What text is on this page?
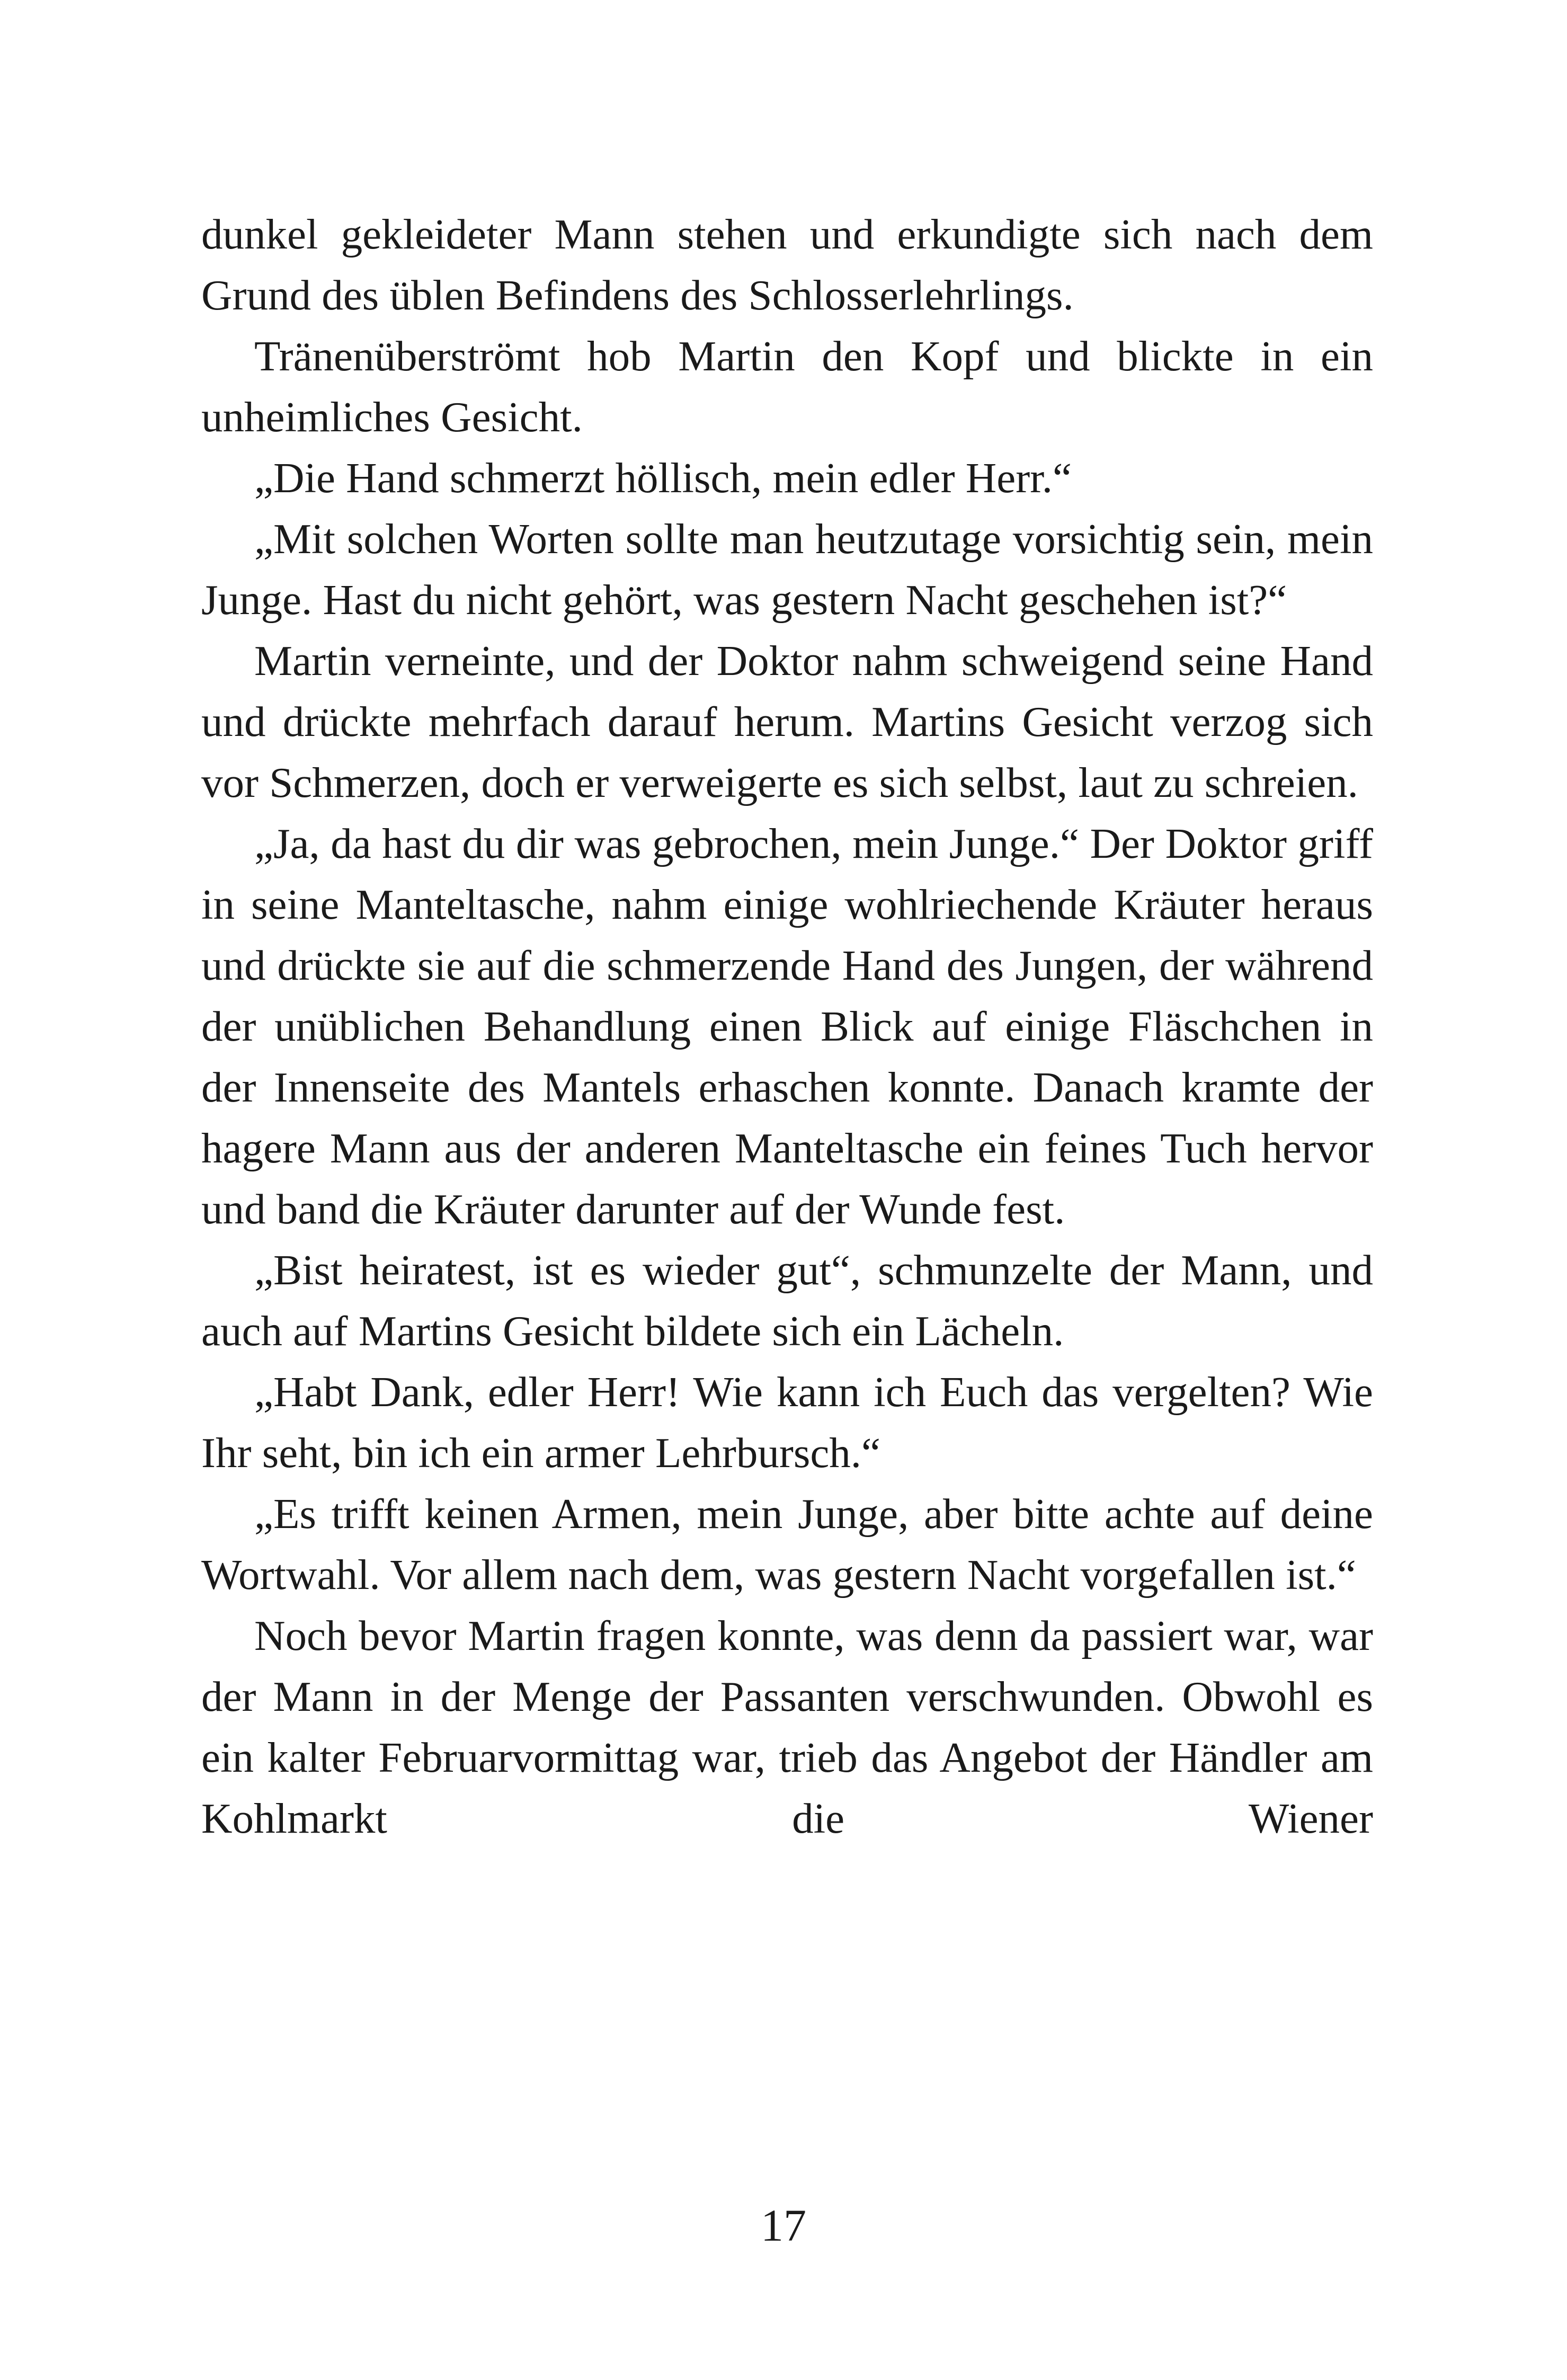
dunkel gekleideter Mann stehen und erkundigte sich nach dem Grund des üblen Befindens des Schlosserlehrlings.

Tränenüberströmt hob Martin den Kopf und blickte in ein unheimliches Gesicht.

„Die Hand schmerzt höllisch, mein edler Herr.“

„Mit solchen Worten sollte man heutzutage vorsichtig sein, mein Junge. Hast du nicht gehört, was gestern Nacht geschehen ist?“

Martin verneinte, und der Doktor nahm schweigend seine Hand und drückte mehrfach darauf herum. Martins Gesicht verzog sich vor Schmerzen, doch er verweigerte es sich selbst, laut zu schreien.

„Ja, da hast du dir was gebrochen, mein Junge.“ Der Doktor griff in seine Manteltasche, nahm einige wohlriechende Kräuter heraus und drückte sie auf die schmerzende Hand des Jungen, der während der unüblichen Behandlung einen Blick auf einige Fläschchen in der Innenseite des Mantels erhaschen konnte. Danach kramte der hagere Mann aus der anderen Manteltasche ein feines Tuch hervor und band die Kräuter darunter auf der Wunde fest.

„Bist heiratest, ist es wieder gut“, schmunzelte der Mann, und auch auf Martins Gesicht bildete sich ein Lächeln.

„Habt Dank, edler Herr! Wie kann ich Euch das vergelten? Wie Ihr seht, bin ich ein armer Lehrbursch.“

„Es trifft keinen Armen, mein Junge, aber bitte achte auf deine Wortwahl. Vor allem nach dem, was gestern Nacht vorgefallen ist.“

Noch bevor Martin fragen konnte, was denn da passiert war, war der Mann in der Menge der Passanten verschwunden. Obwohl es ein kalter Februarvormittag war, trieb das Angebot der Händler am Kohlmarkt die Wiener

17
